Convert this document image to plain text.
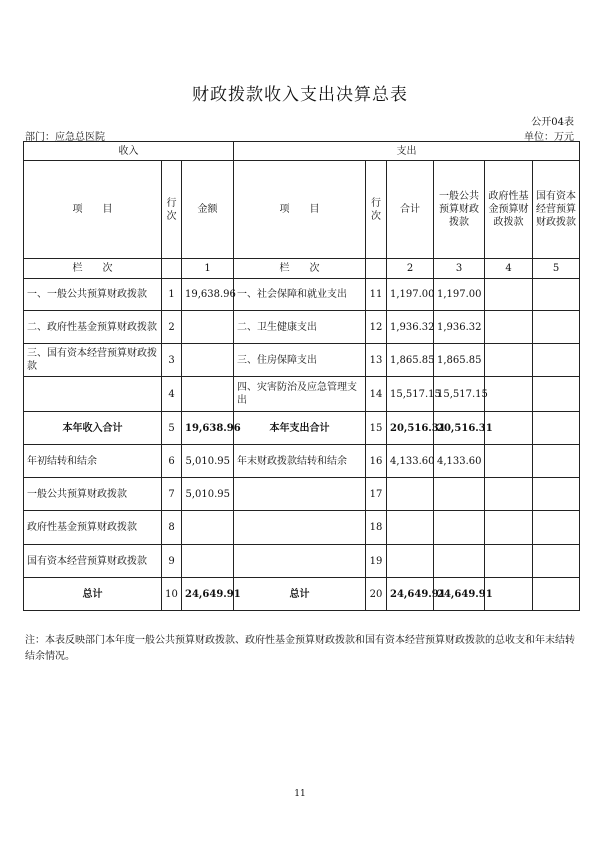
财政拨款收入支出决算总表
公开04表
部门：应急总医院	单位：万元
收入			支出					
项　　目	行次	金额	项　　目	行次	合计	一般公共预算财政拨款	政府性基金预算财政拨款	国有资本经营预算财政拨款
栏　　次		1	栏　　次		2	3	4	5
一、一般公共预算财政拨款	1	19,638.96	一、社会保障和就业支出	11	1,197.00	1,197.00		
二、政府性基金预算财政拨款	2		二、卫生健康支出	12	1,936.32	1,936.32		
三、国有资本经营预算财政拨款	3		三、住房保障支出	13	1,865.85	1,865.85		
	4		四、灾害防治及应急管理支出	14	15,517.15	15,517.15		
本年收入合计	5	19,638.96	本年支出合计	15	20,516.31	20,516.31		
年初结转和结余	6	5,010.95	年末财政拨款结转和结余	16	4,133.60	4,133.60		
一般公共预算财政拨款	7	5,010.95		17				
政府性基金预算财政拨款	8			18				
国有资本经营预算财政拨款	9			19				
总计	10	24,649.91	总计	20	24,649.91	24,649.91		
注：本表反映部门本年度一般公共预算财政拨款、政府性基金预算财政拨款和国有资本经营预算财政拨款的总收支和年末结转结余情况。
11
